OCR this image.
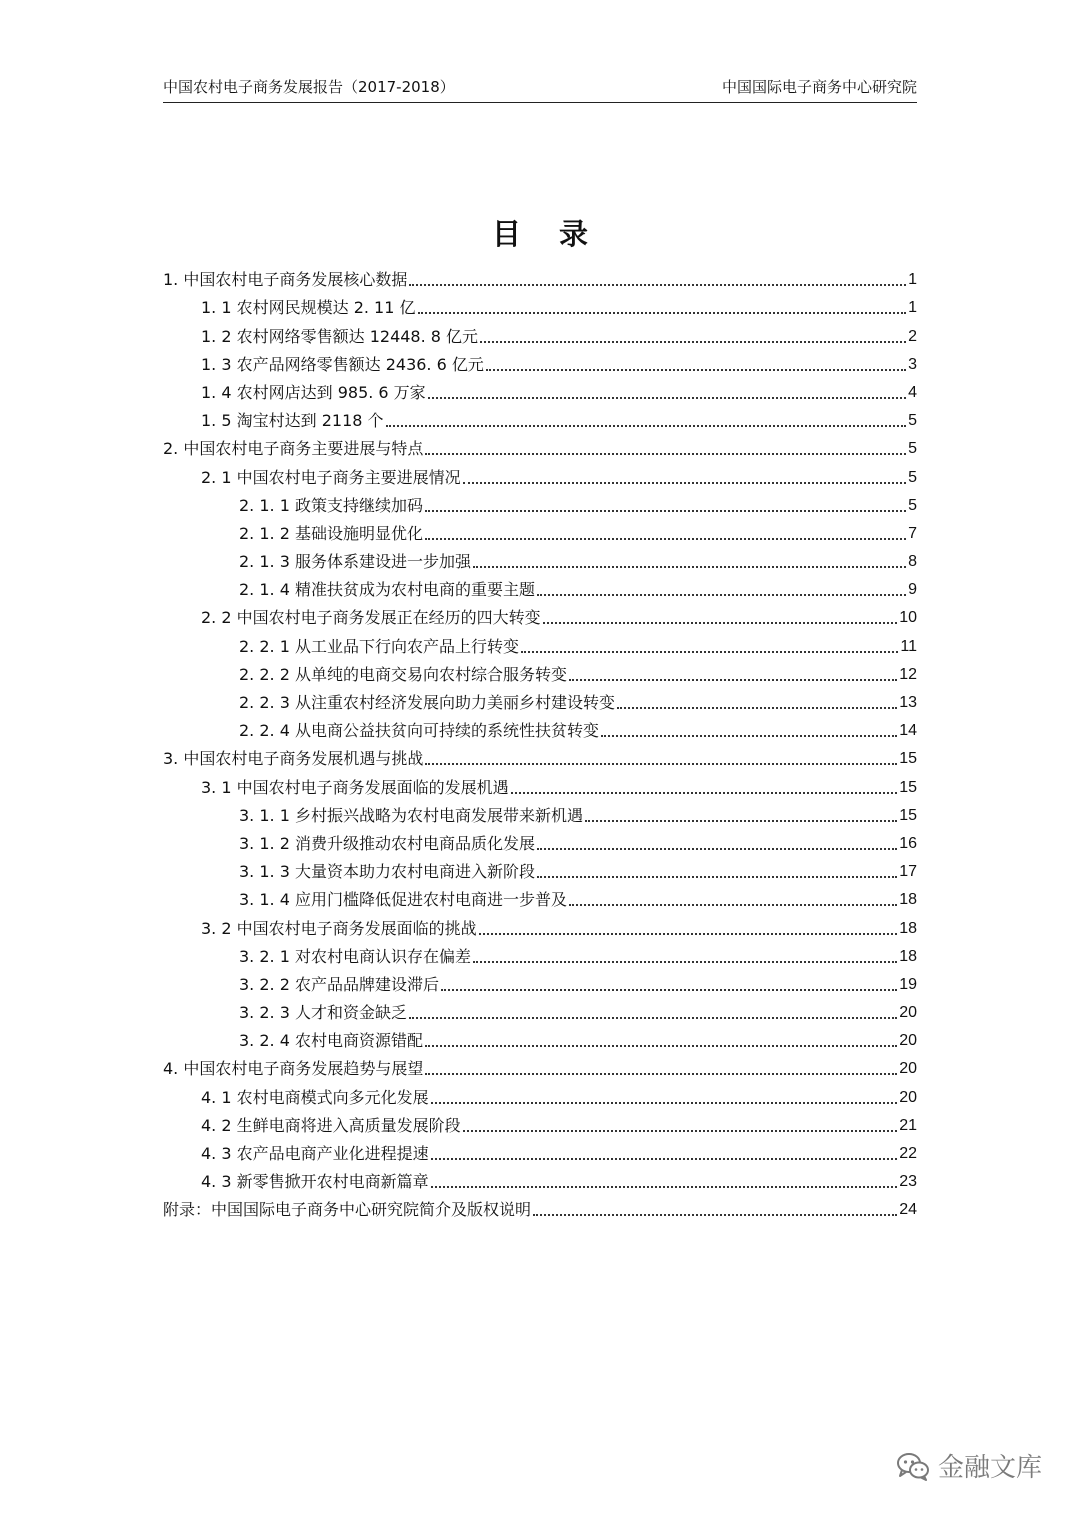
中国农村电子商务发展报告（2017-2018）	中国国际电子商务中心研究院
目 录
1. 中国农村电子商务发展核心数据	1
1. 1 农村网民规模达 2. 11 亿	1
1. 2 农村网络零售额达 12448. 8 亿元	2
1. 3 农产品网络零售额达 2436. 6 亿元	3
1. 4 农村网店达到 985. 6 万家	4
1. 5 淘宝村达到 2118 个	5
2. 中国农村电子商务主要进展与特点	5
2. 1 中国农村电子商务主要进展情况	5
2. 1. 1 政策支持继续加码	5
2. 1. 2 基础设施明显优化	7
2. 1. 3 服务体系建设进一步加强	8
2. 1. 4 精准扶贫成为农村电商的重要主题	9
2. 2 中国农村电子商务发展正在经历的四大转变	10
2. 2. 1 从工业品下行向农产品上行转变	11
2. 2. 2 从单纯的电商交易向农村综合服务转变	12
2. 2. 3 从注重农村经济发展向助力美丽乡村建设转变	13
2. 2. 4 从电商公益扶贫向可持续的系统性扶贫转变	14
3. 中国农村电子商务发展机遇与挑战	15
3. 1 中国农村电子商务发展面临的发展机遇	15
3. 1. 1 乡村振兴战略为农村电商发展带来新机遇	15
3. 1. 2 消费升级推动农村电商品质化发展	16
3. 1. 3 大量资本助力农村电商进入新阶段	17
3. 1. 4 应用门槛降低促进农村电商进一步普及	18
3. 2 中国农村电子商务发展面临的挑战	18
3. 2. 1 对农村电商认识存在偏差	18
3. 2. 2 农产品品牌建设滞后	19
3. 2. 3 人才和资金缺乏	20
3. 2. 4 农村电商资源错配	20
4. 中国农村电子商务发展趋势与展望	20
4. 1 农村电商模式向多元化发展	20
4. 2 生鲜电商将进入高质量发展阶段	21
4. 3 农产品电商产业化进程提速	22
4. 3 新零售掀开农村电商新篇章	23
附录：中国国际电子商务中心研究院简介及版权说明	24
金融文库
